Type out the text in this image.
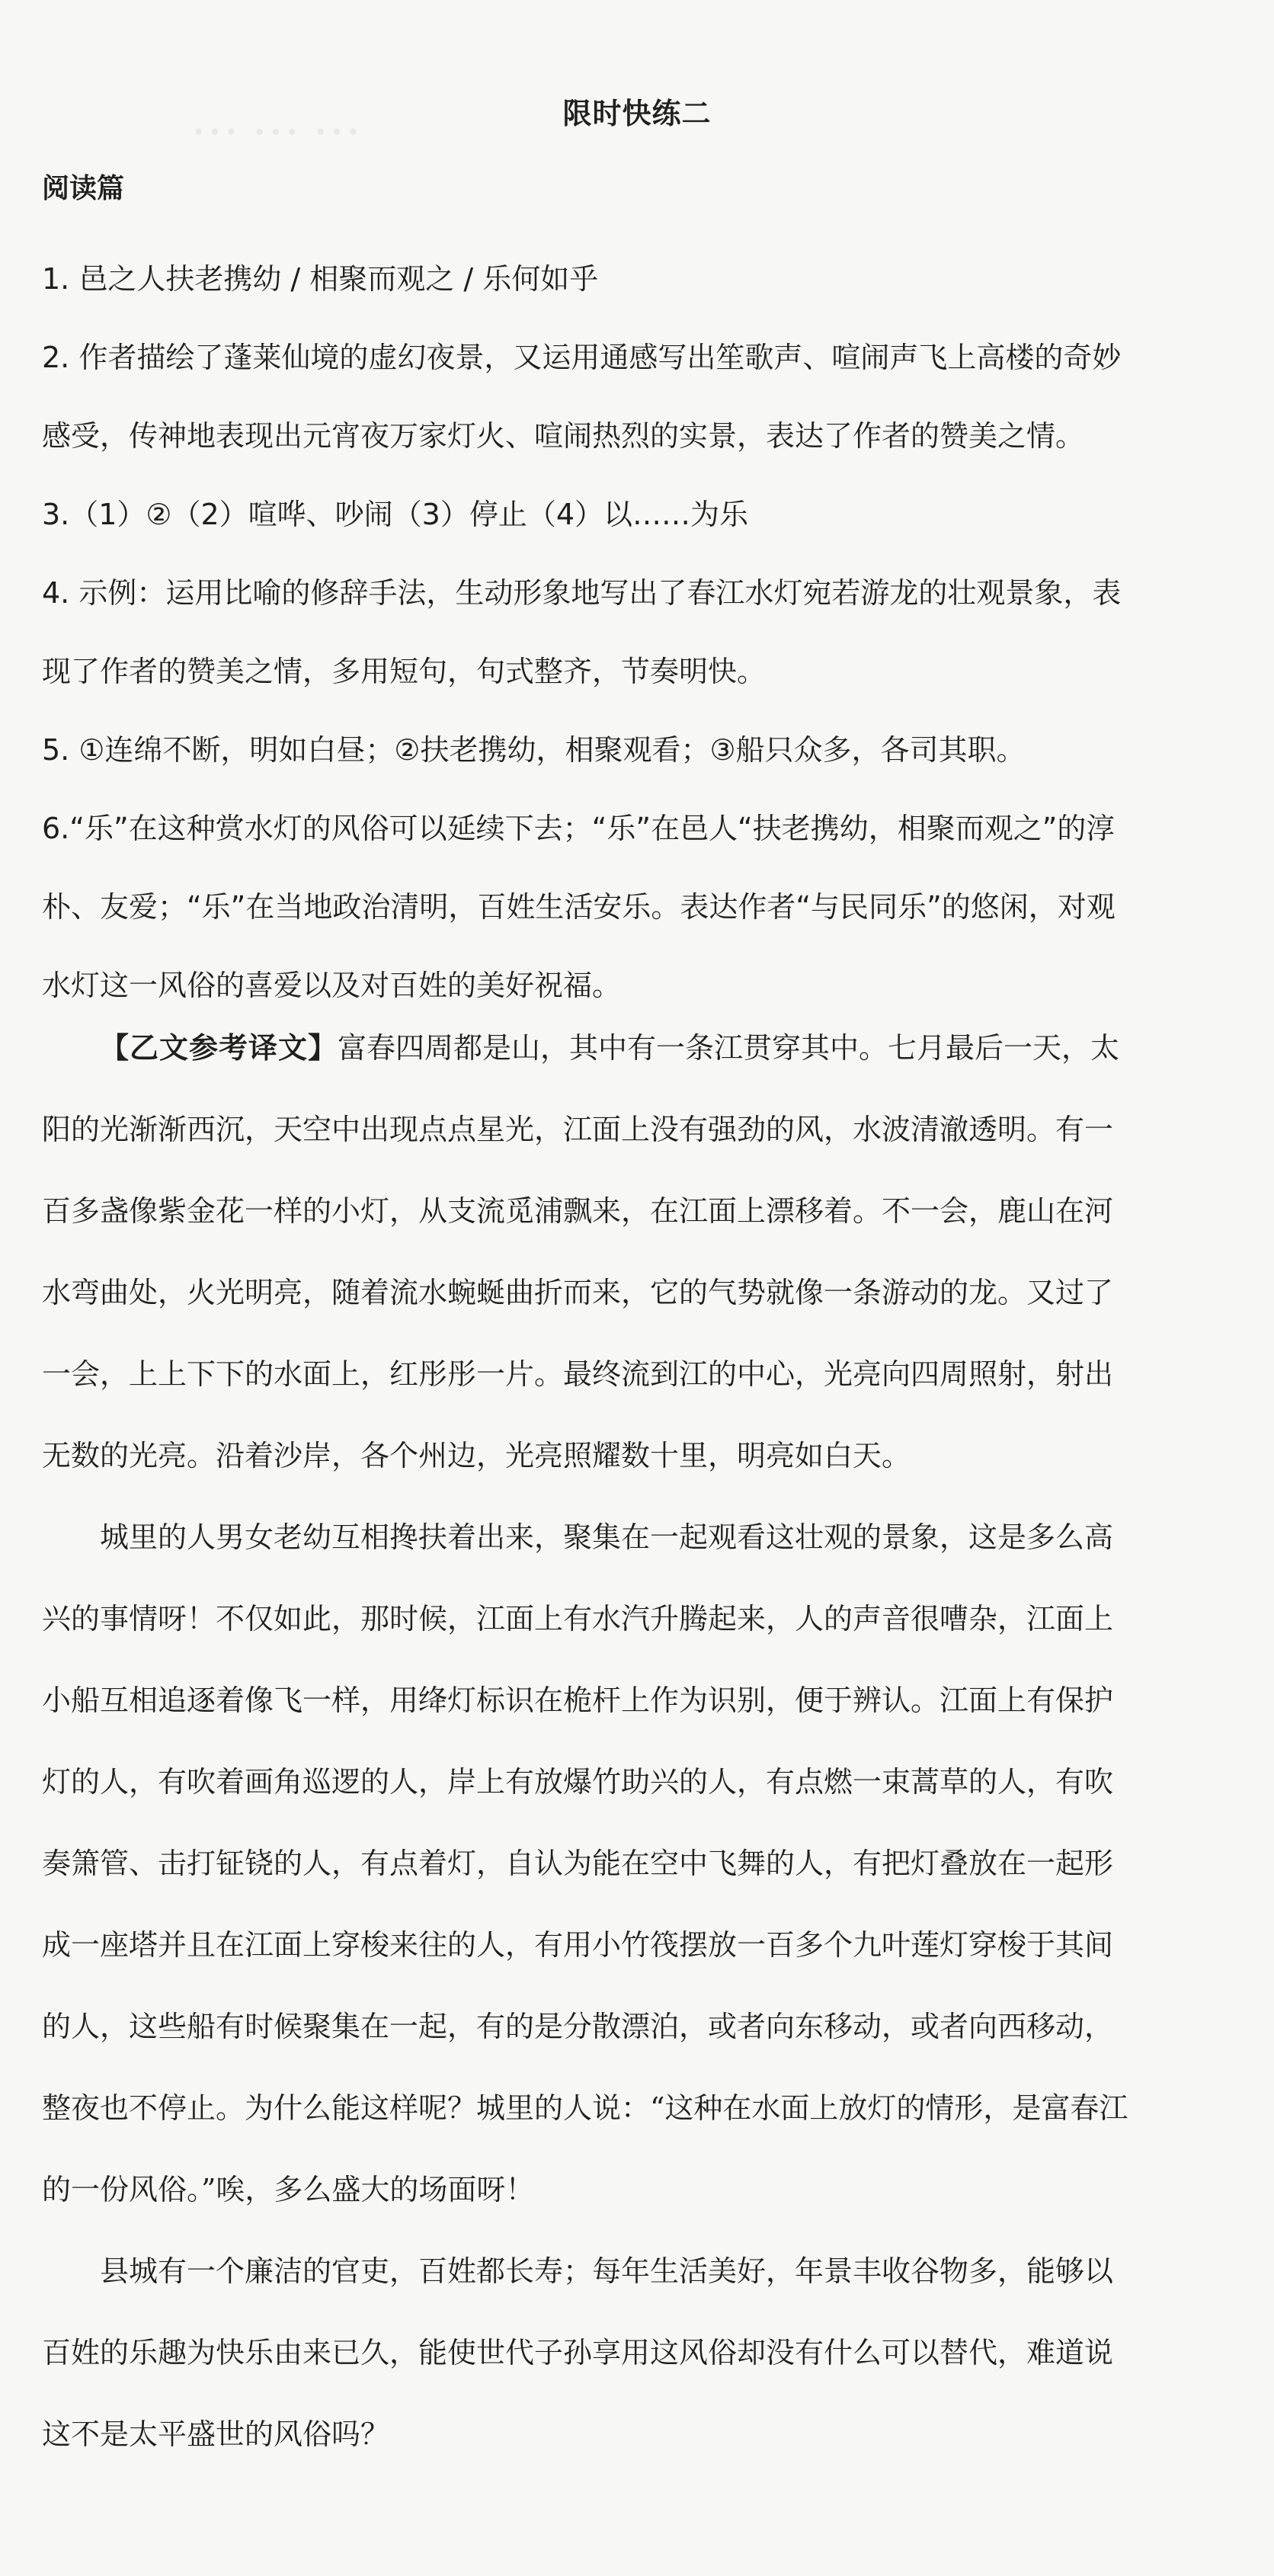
………	限时快练二
阅读篇

1. 邑之人扶老携幼 / 相聚而观之 / 乐何如乎

2. 作者描绘了蓬莱仙境的虚幻夜景，又运用通感写出笙歌声、喧闹声飞上高楼的奇妙感受，传神地表现出元宵夜万家灯火、喧闹热烈的实景，表达了作者的赞美之情。

3.（1）②（2）喧哗、吵闹（3）停止（4）以……为乐

4. 示例：运用比喻的修辞手法，生动形象地写出了春江水灯宛若游龙的壮观景象，表现了作者的赞美之情，多用短句，句式整齐，节奏明快。

5. ①连绵不断，明如白昼；②扶老携幼，相聚观看；③船只众多，各司其职。

6.“乐”在这种赏水灯的风俗可以延续下去；“乐”在邑人“扶老携幼，相聚而观之”的淳朴、友爱；“乐”在当地政治清明，百姓生活安乐。表达作者“与民同乐”的悠闲，对观水灯这一风俗的喜爱以及对百姓的美好祝福。

【乙文参考译文】富春四周都是山，其中有一条江贯穿其中。七月最后一天，太阳的光渐渐西沉，天空中出现点点星光，江面上没有强劲的风，水波清澈透明。有一百多盏像紫金花一样的小灯，从支流觅浦飘来，在江面上漂移着。不一会，鹿山在河水弯曲处，火光明亮，随着流水蜿蜒曲折而来，它的气势就像一条游动的龙。又过了一会，上上下下的水面上，红彤彤一片。最终流到江的中心，光亮向四周照射，射出无数的光亮。沿着沙岸，各个州边，光亮照耀数十里，明亮如白天。

城里的人男女老幼互相搀扶着出来，聚集在一起观看这壮观的景象，这是多么高兴的事情呀！不仅如此，那时候，江面上有水汽升腾起来，人的声音很嘈杂，江面上小船互相追逐着像飞一样，用绛灯标识在桅杆上作为识别，便于辨认。江面上有保护灯的人，有吹着画角巡逻的人，岸上有放爆竹助兴的人，有点燃一束蒿草的人，有吹奏箫管、击打钲铙的人，有点着灯，自认为能在空中飞舞的人，有把灯叠放在一起形成一座塔并且在江面上穿梭来往的人，有用小竹筏摆放一百多个九叶莲灯穿梭于其间的人，这些船有时候聚集在一起，有的是分散漂泊，或者向东移动，或者向西移动，整夜也不停止。为什么能这样呢？城里的人说：“这种在水面上放灯的情形，是富春江的一份风俗。”唉，多么盛大的场面呀！

县城有一个廉洁的官吏，百姓都长寿；每年生活美好，年景丰收谷物多，能够以百姓的乐趣为快乐由来已久，能使世代子孙享用这风俗却没有什么可以替代，难道说这不是太平盛世的风俗吗？
